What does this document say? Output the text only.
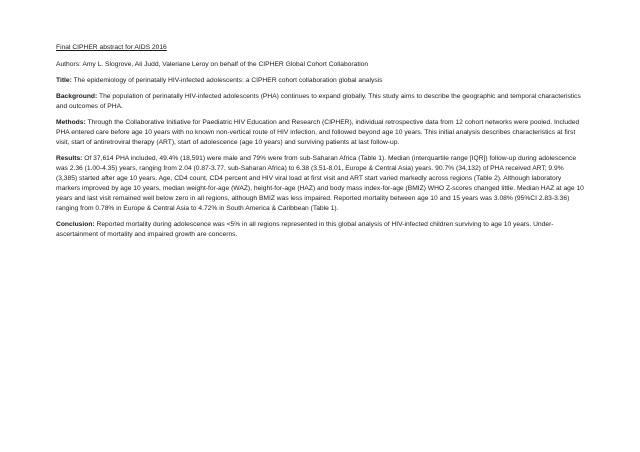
Final CIPHER abstract for AIDS 2016
Authors: Amy L. Slogrove, Ali Judd, Valeriane Leroy on behalf of the CIPHER Global Cohort Collaboration
Title: The epidemiology of perinatally HIV-infected adolescents: a CIPHER cohort collaboration global analysis
Background: The population of perinatally HIV-infected adolescents (PHA) continues to expand globally. This study aims to describe the geographic and temporal characteristics and outcomes of PHA.
Methods: Through the Collaborative Initiative for Paediatric HIV Education and Research (CIPHER), individual retrospective data from 12 cohort networks were pooled. Included PHA entered care before age 10 years with no known non-vertical route of HIV infection, and followed beyond age 10 years. This initial analysis describes characteristics at first visit, start of antiretroviral therapy (ART), start of adolescence (age 10 years) and surviving patients at last follow-up.
Results: Of 37,614 PHA included, 49.4% (18,591) were male and 79% were from sub-Saharan Africa (Table 1). Median (interquartile range [IQR]) follow-up during adolescence was 2.36 (1.00-4.35) years, ranging from 2.04 (0.87-3.77, sub-Saharan Africa) to 6.38 (3.51-8.01, Europe & Central Asia) years. 90.7% (34,132) of PHA received ART; 9.9% (3,385) started after age 10 years. Age, CD4 count, CD4 percent and HIV viral load at first visit and ART start varied markedly across regions (Table 2). Although laboratory markers improved by age 10 years, median weight-for-age (WAZ), height-for-age (HAZ) and body mass index-for-age (BMIZ) WHO Z-scores changed little. Median HAZ at age 10 years and last visit remained well below zero in all regions, although BMIZ was less impaired. Reported mortality between age 10 and 15 years was 3.08% (95%CI 2.83-3.36) ranging from 0.78% in Europe & Central Asia to 4.72% in South America & Caribbean (Table 1).
Conclusion: Reported mortality during adolescence was <5% in all regions represented in this global analysis of HIV-infected children surviving to age 10 years. Under-ascertainment of mortality and impaired growth are concerns.
